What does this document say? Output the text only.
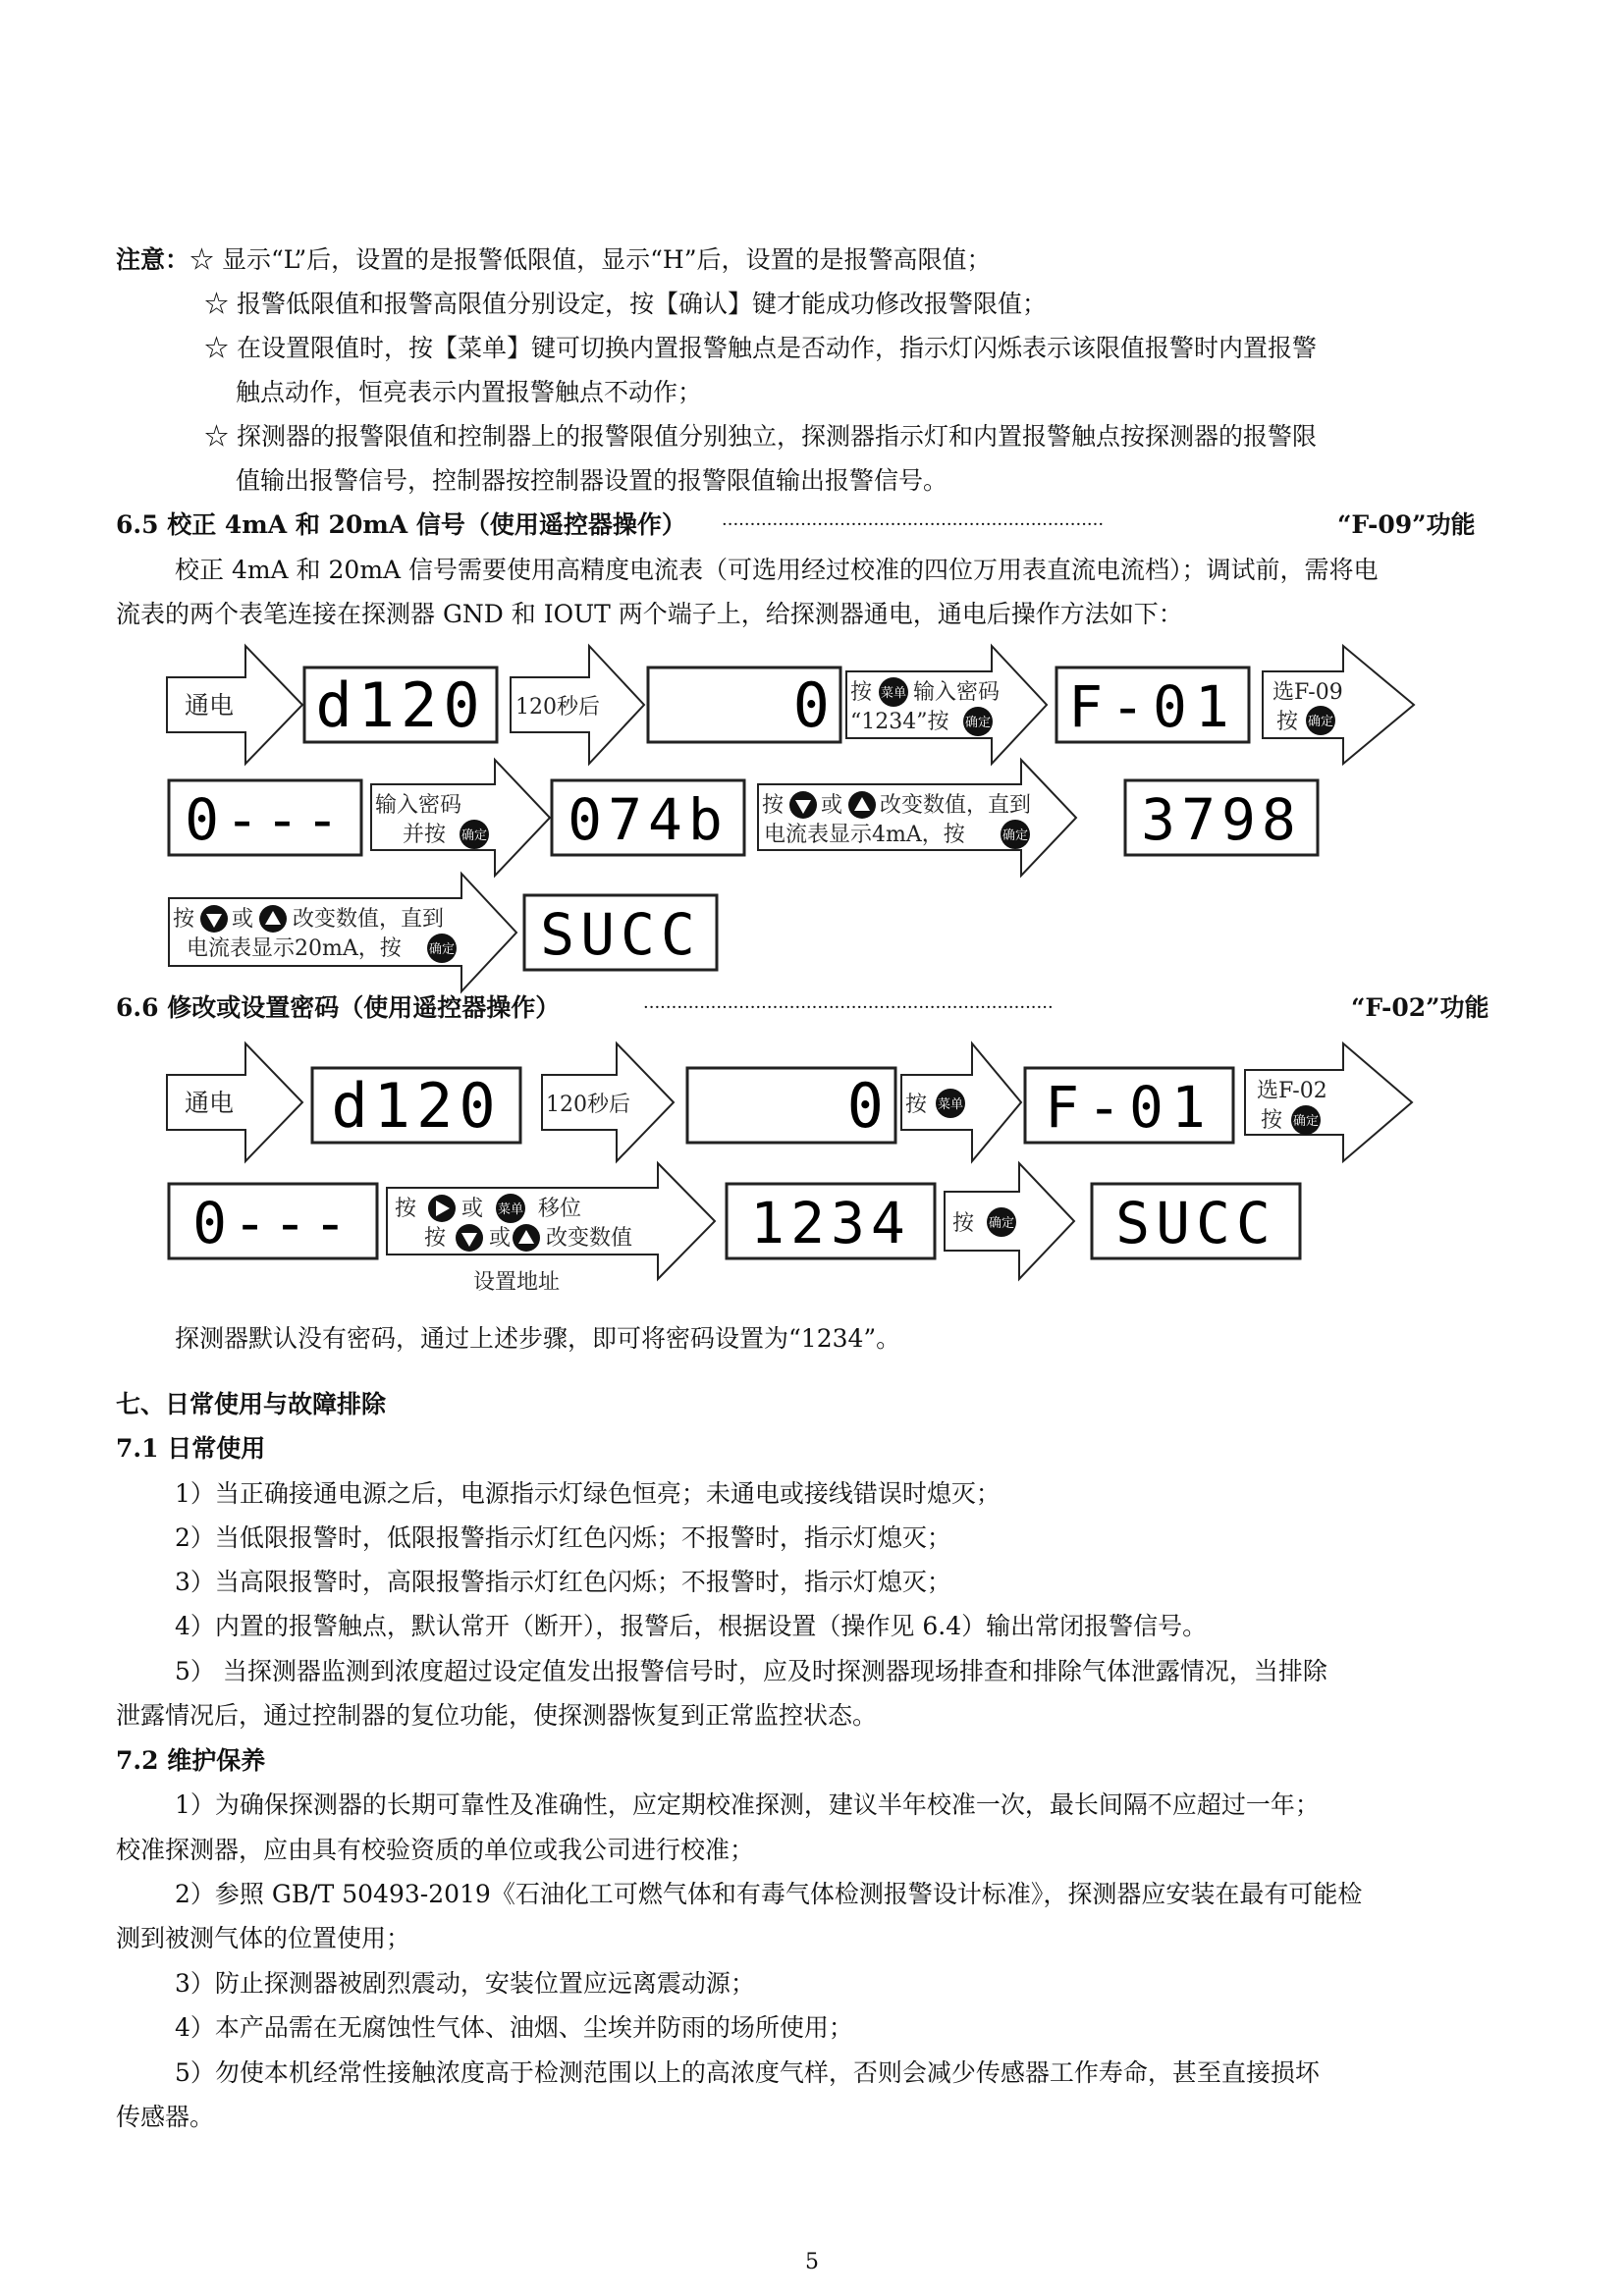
注意：☆ 显示“L”后，设置的是报警低限值，显示“H”后，设置的是报警高限值；
☆ 报警低限值和报警高限值分别设定，按【确认】键才能成功修改报警限值；
☆ 在设置限值时，按【菜单】键可切换内置报警触点是否动作，指示灯闪烁表示该限值报警时内置报警
触点动作，恒亮表示内置报警触点不动作；
☆ 探测器的报警限值和控制器上的报警限值分别独立，探测器指示灯和内置报警触点按探测器的报警限
值输出报警信号，控制器按控制器设置的报警限值输出报警信号。
6.5 校正 4mA 和 20mA 信号（使用遥控器操作） ····································································	“F-09”功能
校正 4mA 和 20mA 信号需要使用高精度电流表（可选用经过校准的四位万用表直流电流档）；调试前，需将电
流表的两个表笔连接在探测器 GND 和 IOUT 两个端子上，给探测器通电，通电后操作方法如下：
通电 d120 120秒后	0 按 菜单 输入密码
“1234”按 确定 F-01 选F-09
按 确定
0--- 输入密码
并按 确定 074b 按 或 改变数值，直到
电流表显示4mA，按	确定 3798
按 或 改变数值，直到
电流表显示20mA，按 确定 SUCC
通电 d120 120秒后	0 按 菜单 F-01 选F-02
按 确定
0--- 按 或 菜单 移位
按 或 改变数值
设置地址
1234 按 确定 SUCC
6.6 修改或设置密码（使用遥控器操作）	·········································································	“F-02”功能
探测器默认没有密码，通过上述步骤，即可将密码设置为“1234”。
七、日常使用与故障排除
7.1 日常使用
1）当正确接通电源之后，电源指示灯绿色恒亮；未通电或接线错误时熄灭；
2）当低限报警时，低限报警指示灯红色闪烁；不报警时，指示灯熄灭；
3）当高限报警时，高限报警指示灯红色闪烁；不报警时，指示灯熄灭；
4）内置的报警触点，默认常开（断开），报警后，根据设置（操作见 6.4）输出常闭报警信号。
5） 当探测器监测到浓度超过设定值发出报警信号时，应及时探测器现场排查和排除气体泄露情况，当排除
泄露情况后，通过控制器的复位功能，使探测器恢复到正常监控状态。
7.2 维护保养
1）为确保探测器的长期可靠性及准确性，应定期校准探测，建议半年校准一次，最长间隔不应超过一年；
校准探测器，应由具有校验资质的单位或我公司进行校准；
2）参照 GB/T 50493-2019《石油化工可燃气体和有毒气体检测报警设计标准》，探测器应安装在最有可能检
测到被测气体的位置使用；
3）防止探测器被剧烈震动，安装位置应远离震动源；
4）本产品需在无腐蚀性气体、油烟、尘埃并防雨的场所使用；
5）勿使本机经常性接触浓度高于检测范围以上的高浓度气样，否则会减少传感器工作寿命，甚至直接损坏
传感器。
5
